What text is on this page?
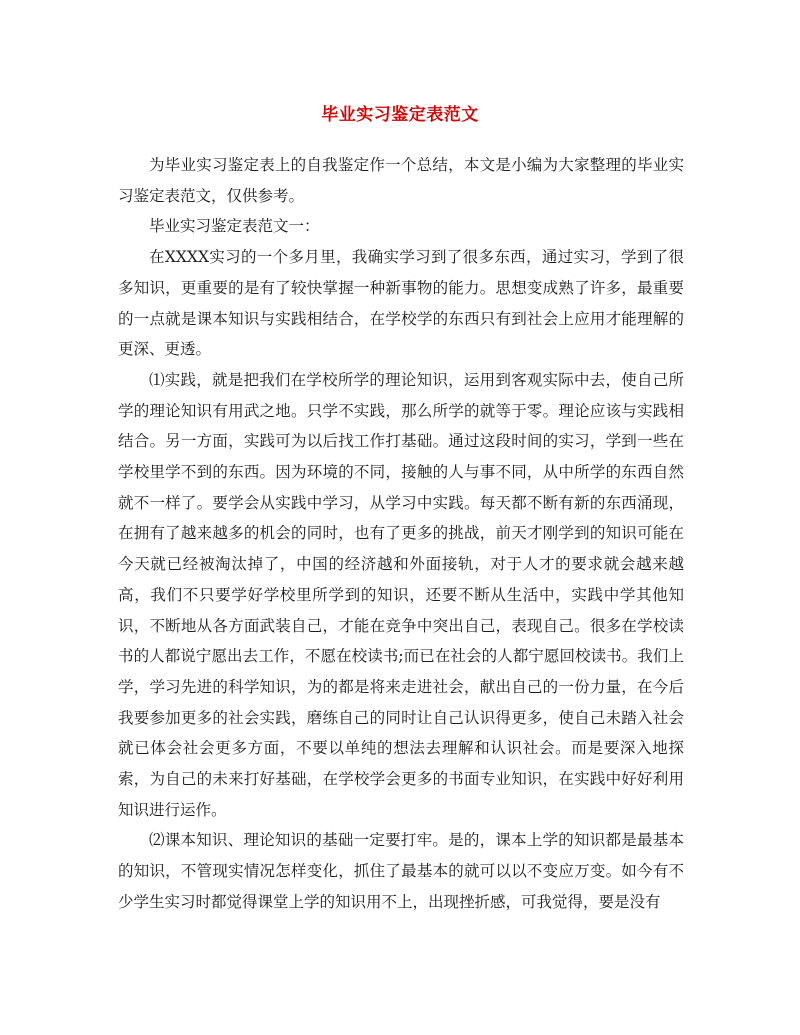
毕业实习鉴定表范文

为毕业实习鉴定表上的自我鉴定作一个总结，本文是小编为大家整理的毕业实习鉴定表范文，仅供参考。

毕业实习鉴定表范文一：

在XXXX实习的一个多月里，我确实学习到了很多东西，通过实习，学到了很多知识，更重要的是有了较快掌握一种新事物的能力。思想变成熟了许多，最重要的一点就是课本知识与实践相结合，在学校学的东西只有到社会上应用才能理解的更深、更透。

⑴实践，就是把我们在学校所学的理论知识，运用到客观实际中去，使自己所学的理论知识有用武之地。只学不实践，那么所学的就等于零。理论应该与实践相结合。另一方面，实践可为以后找工作打基础。通过这段时间的实习，学到一些在学校里学不到的东西。因为环境的不同，接触的人与事不同，从中所学的东西自然就不一样了。要学会从实践中学习，从学习中实践。每天都不断有新的东西涌现，在拥有了越来越多的机会的同时，也有了更多的挑战，前天才刚学到的知识可能在今天就已经被淘汰掉了，中国的经济越和外面接轨，对于人才的要求就会越来越高，我们不只要学好学校里所学到的知识，还要不断从生活中，实践中学其他知识，不断地从各方面武装自己，才能在竞争中突出自己，表现自己。很多在学校读书的人都说宁愿出去工作，不愿在校读书;而已在社会的人都宁愿回校读书。我们上学，学习先进的科学知识，为的都是将来走进社会，献出自己的一份力量，在今后我要参加更多的社会实践，磨练自己的同时让自己认识得更多，使自己未踏入社会就已体会社会更多方面，不要以单纯的想法去理解和认识社会。而是要深入地探索，为自己的未来打好基础，在学校学会更多的书面专业知识，在实践中好好利用知识进行运作。

⑵课本知识、理论知识的基础一定要打牢。是的，课本上学的知识都是最基本的知识，不管现实情况怎样变化，抓住了最基本的就可以以不变应万变。如今有不少学生实习时都觉得课堂上学的知识用不上，出现挫折感，可我觉得，要是没有
